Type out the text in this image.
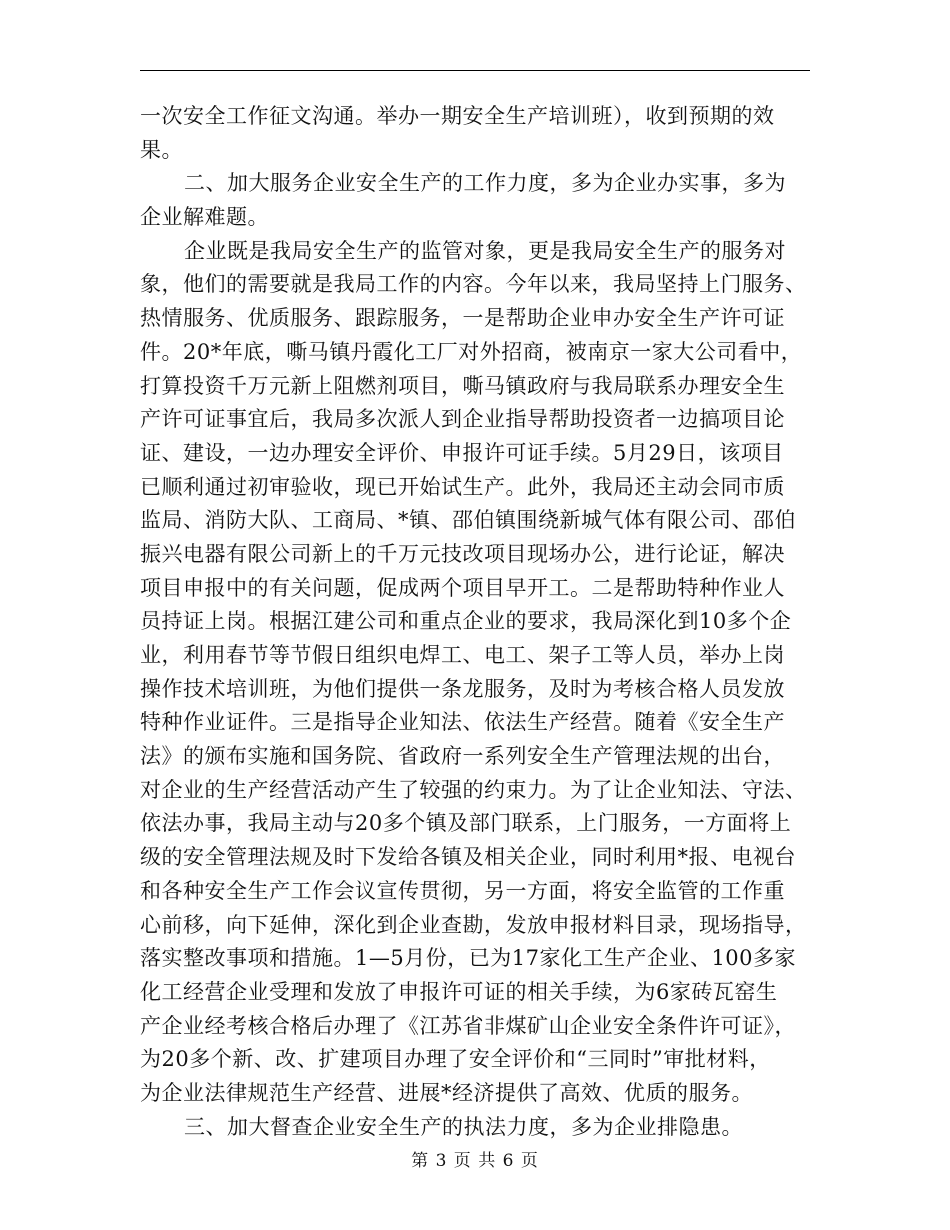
一次安全工作征文沟通。举办一期安全生产培训班），收到预期的效
果。
二、加大服务企业安全生产的工作力度，多为企业办实事，多为
企业解难题。
企业既是我局安全生产的监管对象，更是我局安全生产的服务对
象，他们的需要就是我局工作的内容。今年以来，我局坚持上门服务、
热情服务、优质服务、跟踪服务，一是帮助企业申办安全生产许可证
件。20*年底，嘶马镇丹霞化工厂对外招商，被南京一家大公司看中，
打算投资千万元新上阻燃剂项目，嘶马镇政府与我局联系办理安全生
产许可证事宜后，我局多次派人到企业指导帮助投资者一边搞项目论
证、建设，一边办理安全评价、申报许可证手续。5月29日，该项目
已顺利通过初审验收，现已开始试生产。此外，我局还主动会同市质
监局、消防大队、工商局、*镇、邵伯镇围绕新城气体有限公司、邵伯
振兴电器有限公司新上的千万元技改项目现场办公，进行论证，解决
项目申报中的有关问题，促成两个项目早开工。二是帮助特种作业人
员持证上岗。根据江建公司和重点企业的要求，我局深化到10多个企
业，利用春节等节假日组织电焊工、电工、架子工等人员，举办上岗
操作技术培训班，为他们提供一条龙服务，及时为考核合格人员发放
特种作业证件。三是指导企业知法、依法生产经营。随着《安全生产
法》的颁布实施和国务院、省政府一系列安全生产管理法规的出台，
对企业的生产经营活动产生了较强的约束力。为了让企业知法、守法、
依法办事，我局主动与20多个镇及部门联系，上门服务，一方面将上
级的安全管理法规及时下发给各镇及相关企业，同时利用*报、电视台
和各种安全生产工作会议宣传贯彻，另一方面，将安全监管的工作重
心前移，向下延伸，深化到企业查勘，发放申报材料目录，现场指导，
落实整改事项和措施。1—5月份，已为17家化工生产企业、100多家
化工经营企业受理和发放了申报许可证的相关手续，为6家砖瓦窑生
产企业经考核合格后办理了《江苏省非煤矿山企业安全条件许可证》，
为20多个新、改、扩建项目办理了安全评价和“三同时”审批材料，
为企业法律规范生产经营、进展*经济提供了高效、优质的服务。
三、加大督查企业安全生产的执法力度，多为企业排隐患。
第 3 页 共 6 页
